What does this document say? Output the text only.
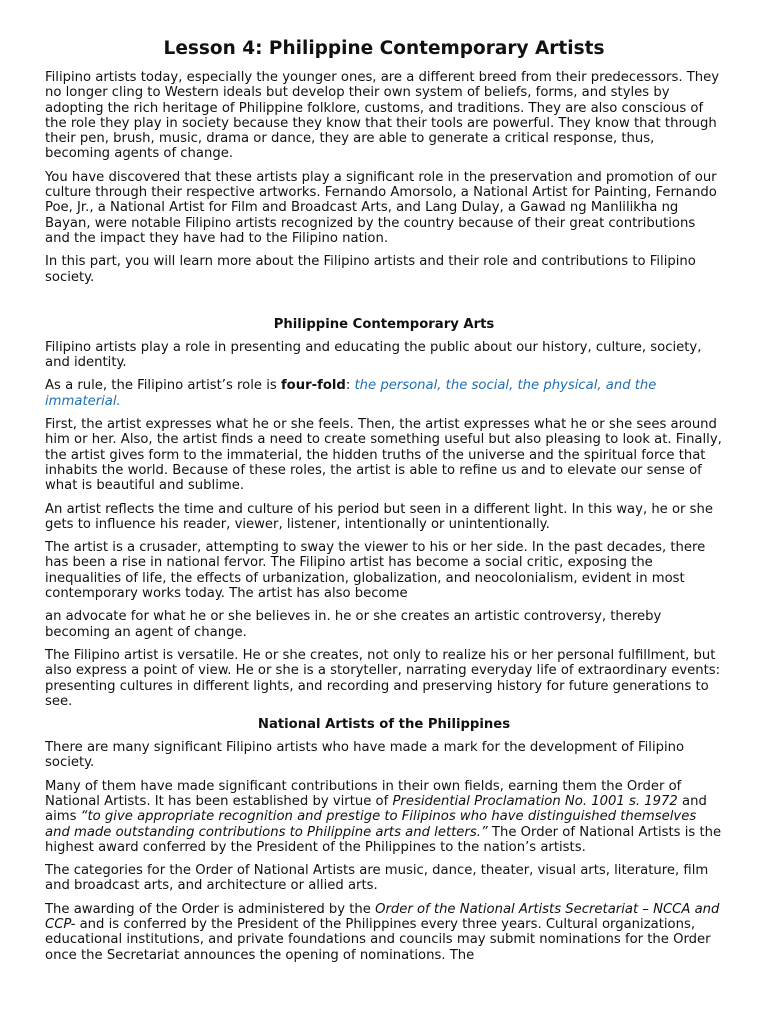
Lesson 4: Philippine Contemporary Artists

Filipino artists today, especially the younger ones, are a different breed from their predecessors. They no longer cling to Western ideals but develop their own system of beliefs, forms, and styles by adopting the rich heritage of Philippine folklore, customs, and traditions. They are also conscious of the role they play in society because they know that their tools are powerful. They know that through their pen, brush, music, drama or dance, they are able to generate a critical response, thus, becoming agents of change.

You have discovered that these artists play a significant role in the preservation and promotion of our culture through their respective artworks. Fernando Amorsolo, a National Artist for Painting, Fernando Poe, Jr., a National Artist for Film and Broadcast Arts, and Lang Dulay, a Gawad ng Manlilikha ng Bayan, were notable Filipino artists recognized by the country because of their great contributions and the impact they have had to the Filipino nation.

In this part, you will learn more about the Filipino artists and their role and contributions to Filipino society.

Philippine Contemporary Arts

Filipino artists play a role in presenting and educating the public about our history, culture, society, and identity.

As a rule, the Filipino artist’s role is four-fold: the personal, the social, the physical, and the immaterial.

First, the artist expresses what he or she feels. Then, the artist expresses what he or she sees around him or her. Also, the artist finds a need to create something useful but also pleasing to look at. Finally, the artist gives form to the immaterial, the hidden truths of the universe and the spiritual force that inhabits the world. Because of these roles, the artist is able to refine us and to elevate our sense of what is beautiful and sublime.

An artist reflects the time and culture of his period but seen in a different light. In this way, he or she gets to influence his reader, viewer, listener, intentionally or unintentionally.

The artist is a crusader, attempting to sway the viewer to his or her side. In the past decades, there has been a rise in national fervor. The Filipino artist has become a social critic, exposing the inequalities of life, the effects of urbanization, globalization, and neocolonialism, evident in most contemporary works today. The artist has also become

an advocate for what he or she believes in. he or she creates an artistic controversy, thereby becoming an agent of change.

The Filipino artist is versatile. He or she creates, not only to realize his or her personal fulfillment, but also express a point of view. He or she is a storyteller, narrating everyday life of extraordinary events: presenting cultures in different lights, and recording and preserving history for future generations to see.

National Artists of the Philippines

There are many significant Filipino artists who have made a mark for the development of Filipino society.

Many of them have made significant contributions in their own fields, earning them the Order of National Artists. It has been established by virtue of Presidential Proclamation No. 1001 s. 1972 and aims “to give appropriate recognition and prestige to Filipinos who have distinguished themselves and made outstanding contributions to Philippine arts and letters.” The Order of National Artists is the highest award conferred by the President of the Philippines to the nation’s artists.

The categories for the Order of National Artists are music, dance, theater, visual arts, literature, film and broadcast arts, and architecture or allied arts.

The awarding of the Order is administered by the Order of the National Artists Secretariat – NCCA and CCP- and is conferred by the President of the Philippines every three years. Cultural organizations, educational institutions, and private foundations and councils may submit nominations for the Order once the Secretariat announces the opening of nominations. The
